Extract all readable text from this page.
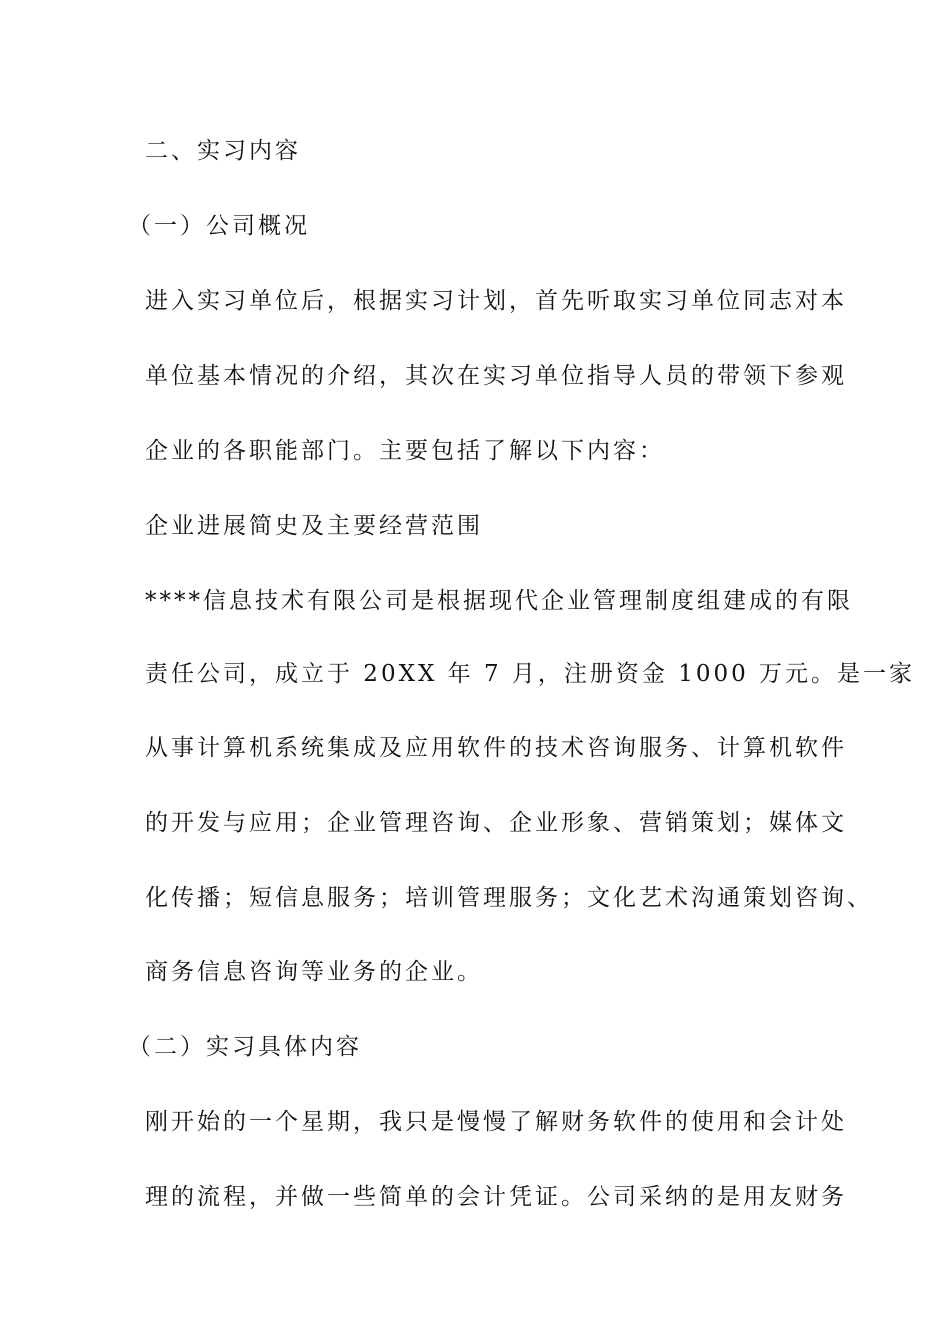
二、实习内容
（一）公司概况
进入实习单位后，根据实习计划，首先听取实习单位同志对本
单位基本情况的介绍，其次在实习单位指导人员的带领下参观
企业的各职能部门。主要包括了解以下内容：
企业进展简史及主要经营范围
****信息技术有限公司是根据现代企业管理制度组建成的有限
责任公司，成立于 20XX 年 7 月，注册资金 1000 万元。是一家
从事计算机系统集成及应用软件的技术咨询服务、计算机软件
的开发与应用；企业管理咨询、企业形象、营销策划；媒体文
化传播；短信息服务；培训管理服务；文化艺术沟通策划咨询、
商务信息咨询等业务的企业。
（二）实习具体内容
刚开始的一个星期，我只是慢慢了解财务软件的使用和会计处
理的流程，并做一些简单的会计凭证。公司采纳的是用友财务
